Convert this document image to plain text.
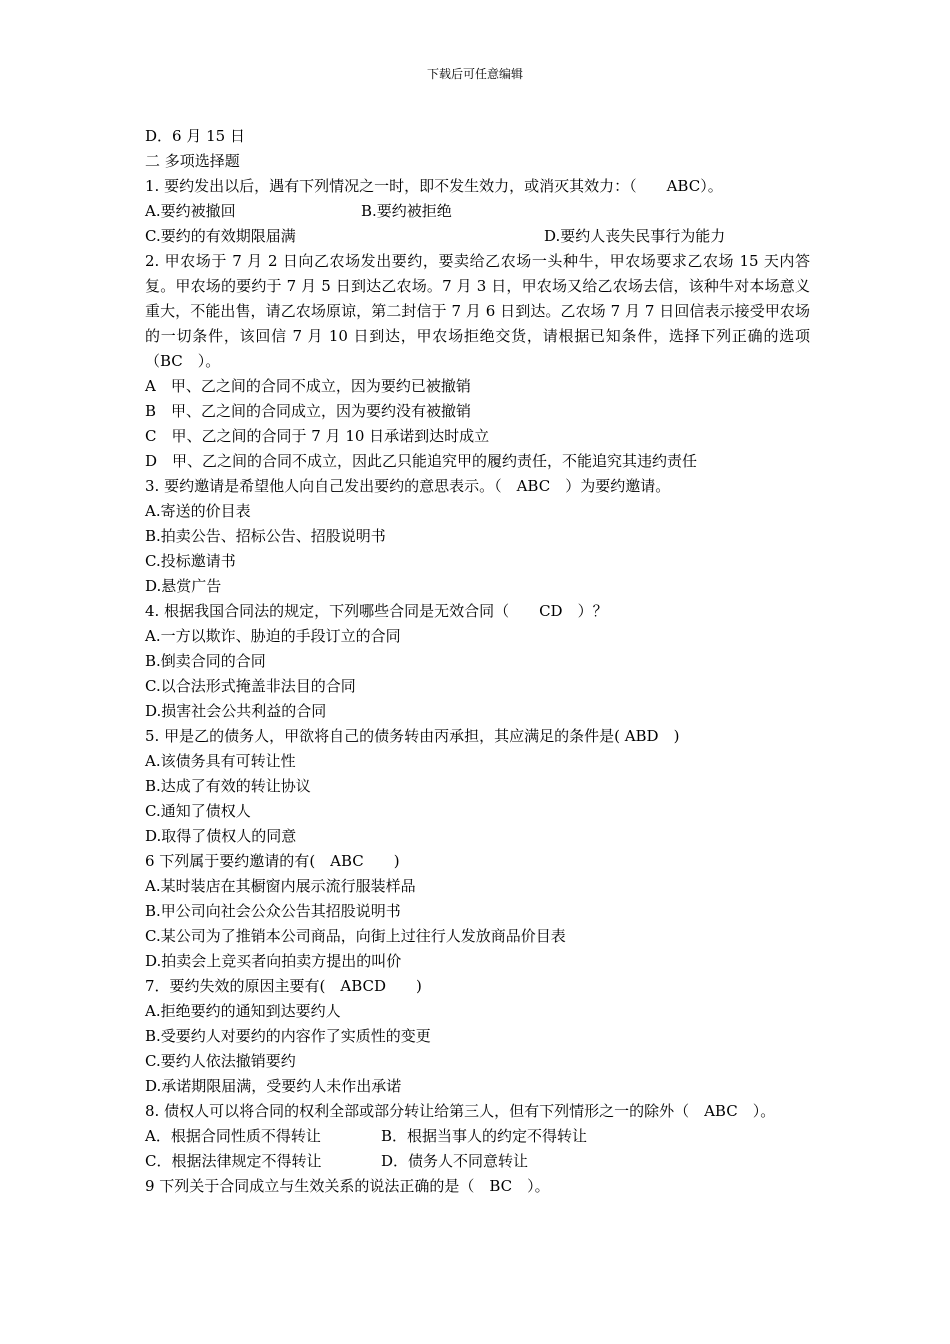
下载后可任意编辑
D．6 月 15 日
二 多项选择题
1. 要约发出以后，遇有下列情况之一时，即不发生效力，或消灭其效力：（　　ABC）。
A.要约被撤回	B.要约被拒绝
C.要约的有效期限届满	D.要约人丧失民事行为能力
2. 甲农场于 7 月 2 日向乙农场发出要约，要卖给乙农场一头种牛，甲农场要求乙农场 15 天内答复。甲农场的要约于 7 月 5 日到达乙农场。7 月 3 日，甲农场又给乙农场去信，该种牛对本场意义重大，不能出售，请乙农场原谅，第二封信于 7 月 6 日到达。乙农场 7 月 7 日回信表示接受甲农场的一切条件，该回信 7 月 10 日到达，甲农场拒绝交货，请根据已知条件，选择下列正确的选项（BC　）。
A　甲、乙之间的合同不成立，因为要约已被撤销
B　甲、乙之间的合同成立，因为要约没有被撤销
C　甲、乙之间的合同于 7 月 10 日承诺到达时成立
D　甲、乙之间的合同不成立，因此乙只能追究甲的履约责任，不能追究其违约责任
3. 要约邀请是希望他人向自己发出要约的意思表示。（　ABC　）为要约邀请。
A.寄送的价目表
B.拍卖公告、招标公告、招股说明书
C.投标邀请书
D.悬赏广告
4. 根据我国合同法的规定，下列哪些合同是无效合同（　　CD　）？
A.一方以欺诈、胁迫的手段订立的合同
B.倒卖合同的合同
C.以合法形式掩盖非法目的合同
D.损害社会公共利益的合同
5. 甲是乙的债务人，甲欲将自己的债务转由丙承担，其应满足的条件是( ABD　)
A.该债务具有可转让性
B.达成了有效的转让协议
C.通知了债权人
D.取得了债权人的同意
6 下列属于要约邀请的有(　ABC　　)
A.某时装店在其橱窗内展示流行服装样品
B.甲公司向社会公众公告其招股说明书
C.某公司为了推销本公司商品，向街上过往行人发放商品价目表
D.拍卖会上竞买者向拍卖方提出的叫价
7．要约失效的原因主要有(　ABCD　　)
A.拒绝要约的通知到达要约人
B.受要约人对要约的内容作了实质性的变更
C.要约人依法撤销要约
D.承诺期限届满，受要约人未作出承诺
8. 债权人可以将合同的权利全部或部分转让给第三人，但有下列情形之一的除外（　ABC　）。
A．根据合同性质不得转让	B．根据当事人的约定不得转让
C．根据法律规定不得转让	D．债务人不同意转让
9 下列关于合同成立与生效关系的说法正确的是（　BC　）。
